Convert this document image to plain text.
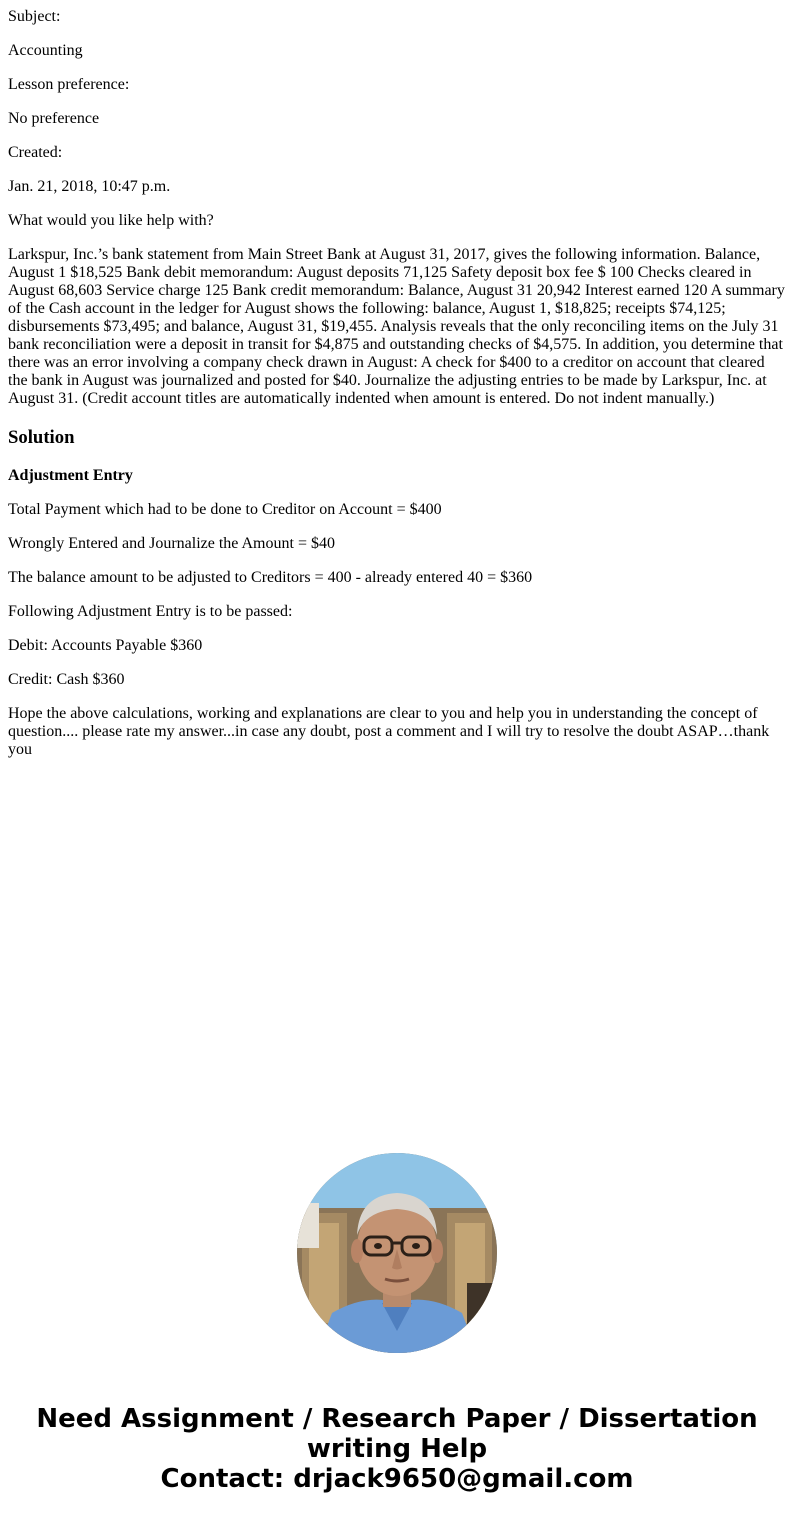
Subject:

Accounting

Lesson preference:

No preference

Created:

Jan. 21, 2018, 10:47 p.m.

What would you like help with?

Larkspur, Inc.’s bank statement from Main Street Bank at August 31, 2017, gives the following information. Balance,
August 1 $18,525 Bank debit memorandum: August deposits 71,125 Safety deposit box fee $ 100 Checks cleared in
August 68,603 Service charge 125 Bank credit memorandum: Balance, August 31 20,942 Interest earned 120 A summary
of the Cash account in the ledger for August shows the following: balance, August 1, $18,825; receipts $74,125;
disbursements $73,495; and balance, August 31, $19,455. Analysis reveals that the only reconciling items on the July 31
bank reconciliation were a deposit in transit for $4,875 and outstanding checks of $4,575. In addition, you determine that
there was an error involving a company check drawn in August: A check for $400 to a creditor on account that cleared
the bank in August was journalized and posted for $40. Journalize the adjusting entries to be made by Larkspur, Inc. at
August 31. (Credit account titles are automatically indented when amount is entered. Do not indent manually.)
Solution

Adjustment Entry

Total Payment which had to be done to Creditor on Account = $400

Wrongly Entered and Journalize the Amount = $40

The balance amount to be adjusted to Creditors = 400 - already entered 40 = $360

Following Adjustment Entry is to be passed:

Debit: Accounts Payable $360

Credit: Cash $360

Hope the above calculations, working and explanations are clear to you and help you in understanding the concept of
question.... please rate my answer...in case any doubt, post a comment and I will try to resolve the doubt ASAP…thank
you
Need Assignment / Research Paper / Dissertation
writing Help
Contact: drjack9650@gmail.com
